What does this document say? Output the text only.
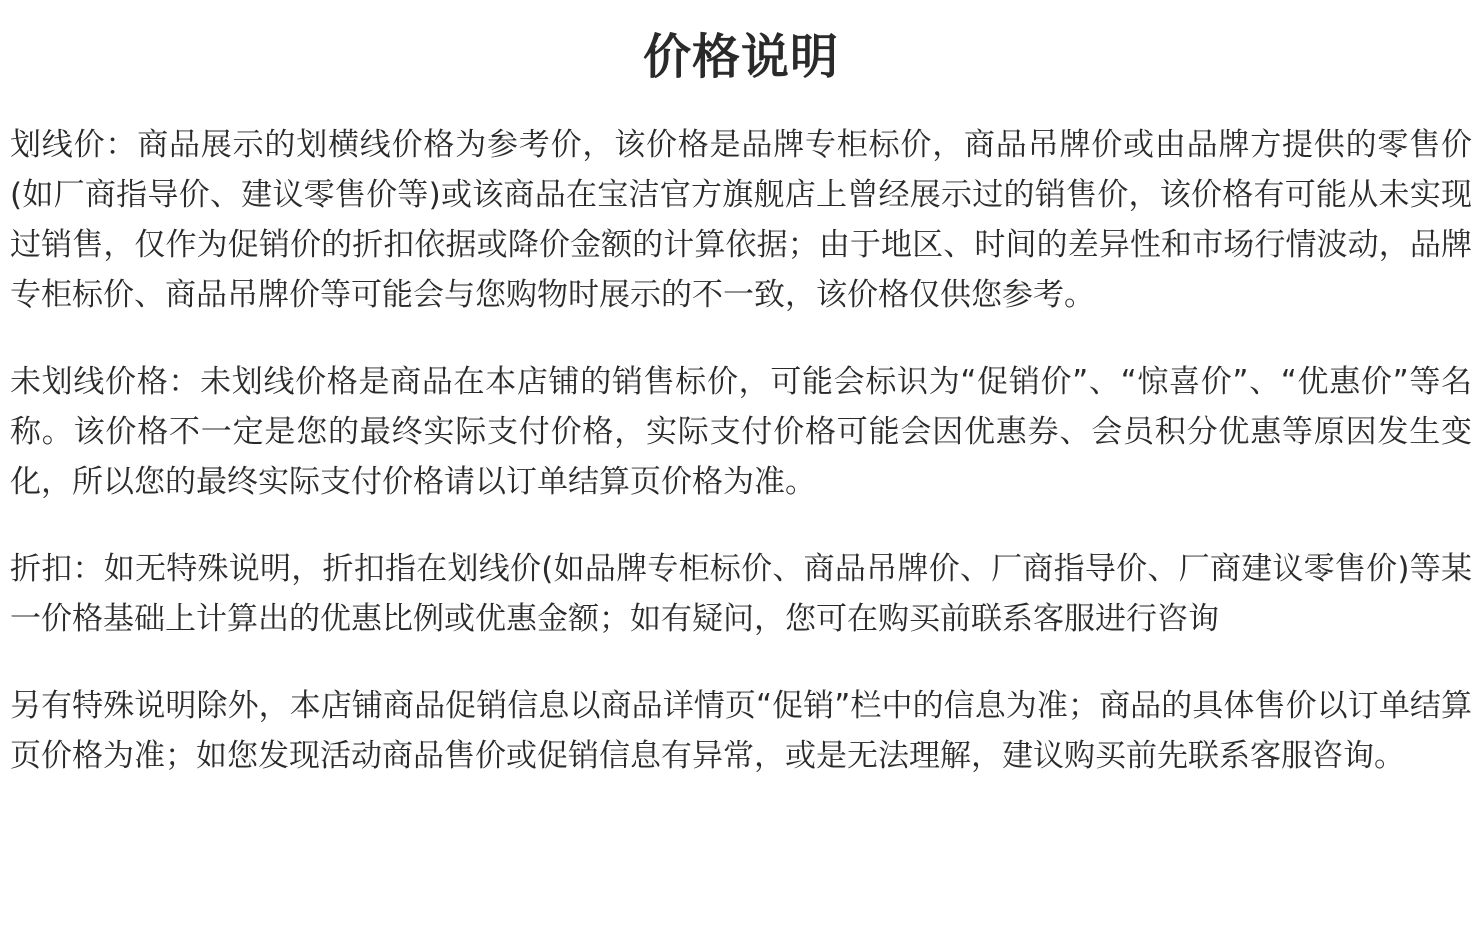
价格说明

划线价：商品展示的划横线价格为参考价，该价格是品牌专柜标价，商品吊牌价或由品牌方提供的零售价(如厂商指导价、建议零售价等)或该商品在宝洁官方旗舰店上曾经展示过的销售价，该价格有可能从未实现过销售，仅作为促销价的折扣依据或降价金额的计算依据；由于地区、时间的差异性和市场行情波动，品牌专柜标价、商品吊牌价等可能会与您购物时展示的不一致，该价格仅供您参考。

未划线价格：未划线价格是商品在本店铺的销售标价，可能会标识为“促销价”、“惊喜价”、“优惠价”等名称。该价格不一定是您的最终实际支付价格，实际支付价格可能会因优惠券、会员积分优惠等原因发生变化，所以您的最终实际支付价格请以订单结算页价格为准。

折扣：如无特殊说明，折扣指在划线价(如品牌专柜标价、商品吊牌价、厂商指导价、厂商建议零售价)等某一价格基础上计算出的优惠比例或优惠金额；如有疑问，您可在购买前联系客服进行咨询

另有特殊说明除外，本店铺商品促销信息以商品详情页“促销”栏中的信息为准；商品的具体售价以订单结算页价格为准；如您发现活动商品售价或促销信息有异常，或是无法理解，建议购买前先联系客服咨询。
